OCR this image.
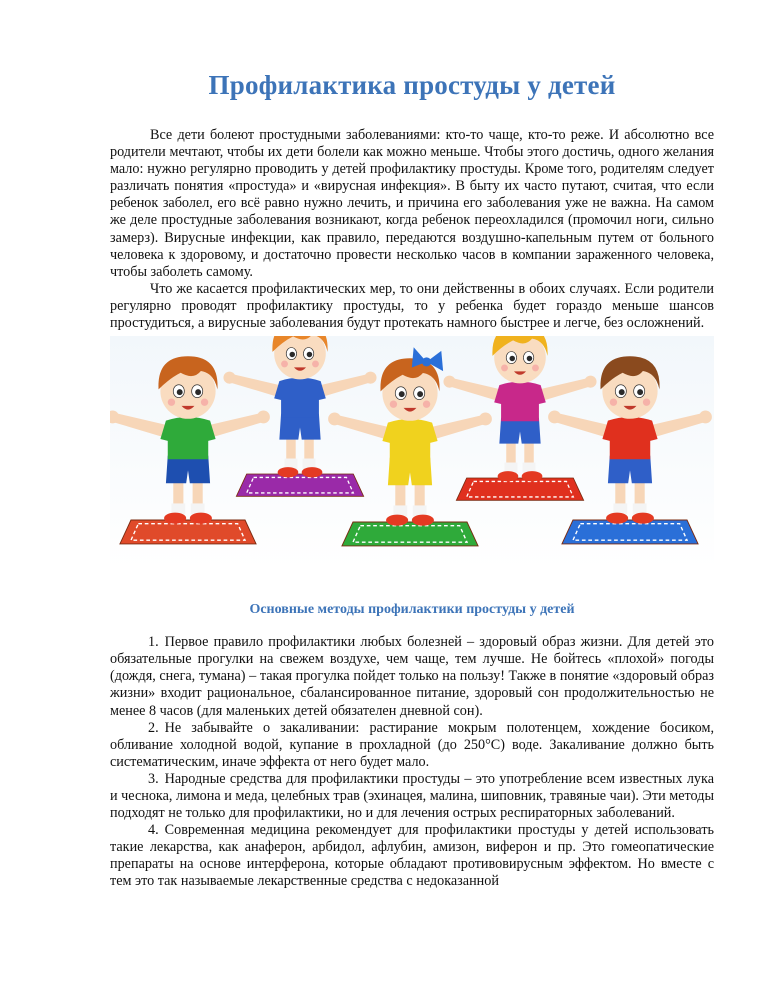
Профилактика простуды у детей

Все дети болеют простудными заболеваниями: кто-то чаще, кто-то реже. И абсолютно все родители мечтают, чтобы их дети болели как можно меньше. Чтобы этого достичь, одного желания мало: нужно регулярно проводить у детей профилактику простуды. Кроме того, родителям следует различать понятия «простуда» и «вирусная инфекция». В быту их часто путают, считая, что если ребенок заболел, его всё равно нужно лечить, и причина его заболевания уже не важна. На самом же деле простудные заболевания возникают, когда ребенок переохладился (промочил ноги, сильно замерз). Вирусные инфекции, как правило, передаются воздушно-капельным путем от больного человека к здоровому, и достаточно провести несколько часов в компании зараженного человека, чтобы заболеть самому.

Что же касается профилактических мер, то они действенны в обоих случаях. Если родители регулярно проводят профилактику простуды, то у ребенка будет гораздо меньше шансов простудиться, а вирусные заболевания будут протекать намного быстрее и легче, без осложнений.

Основные методы профилактики простуды у детей

1. Первое правило профилактики любых болезней – здоровый образ жизни. Для детей это обязательные прогулки на свежем воздухе, чем чаще, тем лучше. Не бойтесь «плохой» погоды (дождя, снега, тумана) – такая прогулка пойдет только на пользу! Также в понятие «здоровый образ жизни» входит рациональное, сбалансированное питание, здоровый сон продолжительностью не менее 8 часов (для маленьких детей обязателен дневной сон).

2. Не забывайте о закаливании: растирание мокрым полотенцем, хождение босиком, обливание холодной водой, купание в прохладной (до 250°C) воде. Закаливание должно быть систематическим, иначе эффекта от него будет мало.

3. Народные средства для профилактики простуды – это употребление всем известных лука и чеснока, лимона и меда, целебных трав (эхинацея, малина, шиповник, травяные чаи). Эти методы подходят не только для профилактики, но и для лечения острых респираторных заболеваний.

4. Современная медицина рекомендует для профилактики простуды у детей использовать такие лекарства, как анаферон, арбидол, афлубин, амизон, виферон и пр. Это гомеопатические препараты на основе интерферона, которые обладают противовирусным эффектом. Но вместе с тем это так называемые лекарственные средства с недоказанной
